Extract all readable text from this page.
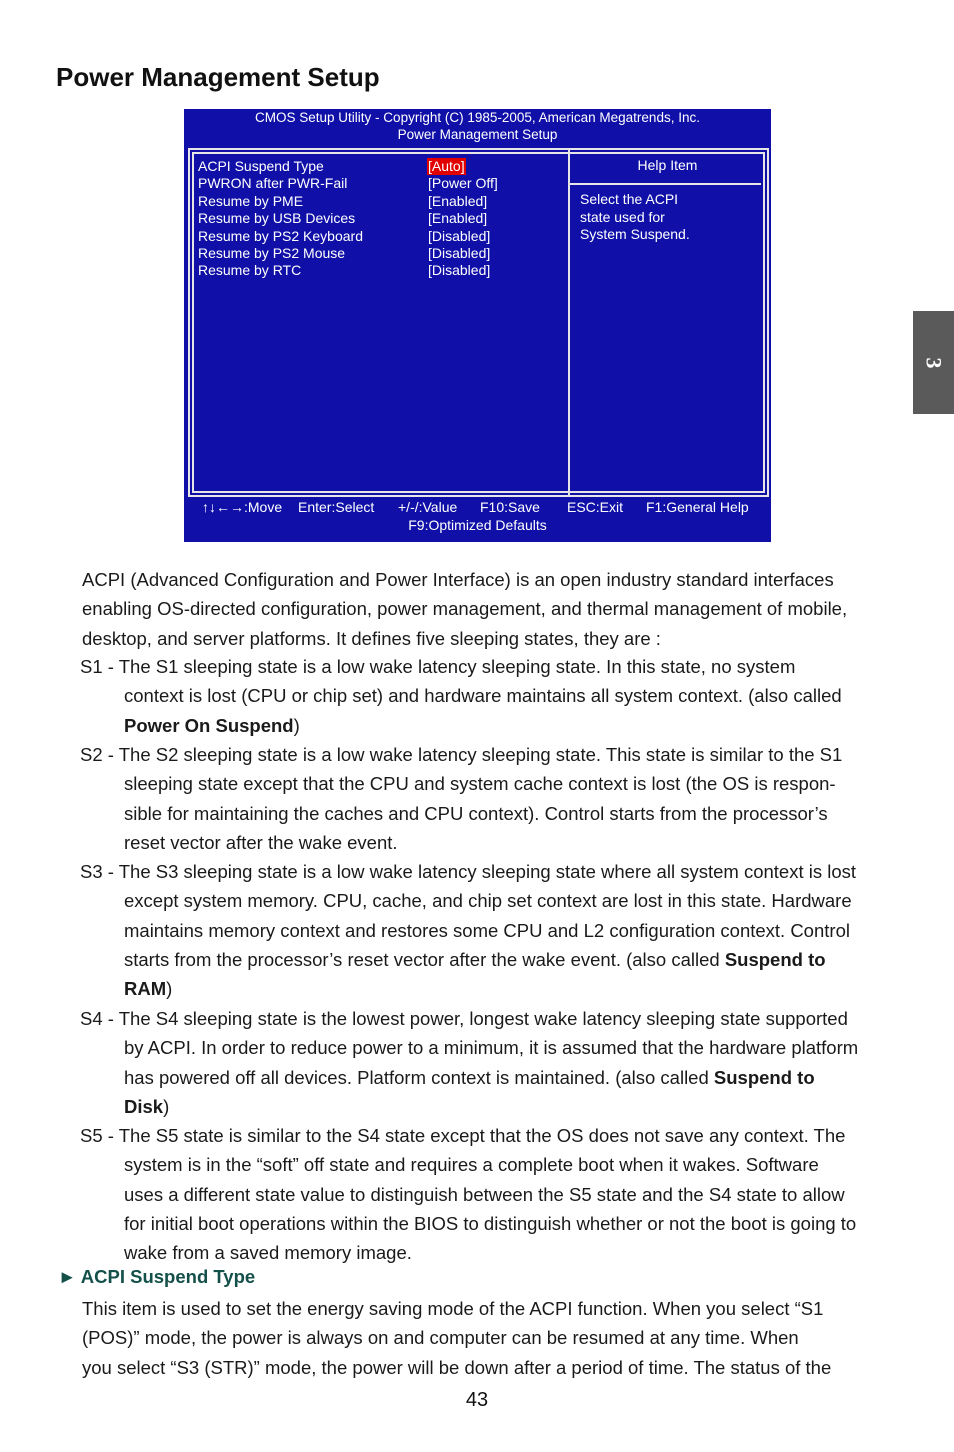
Power Management Setup
3
CMOS Setup Utility - Copyright (C) 1985-2005, American Megatrends, Inc.
Power Management Setup
ACPI Suspend Type	[Auto]
PWRON after PWR-Fail	[Power Off]
Resume by PME	[Enabled]
Resume by USB Devices	[Enabled]
Resume by PS2 Keyboard	[Disabled]
Resume by PS2 Mouse	[Disabled]
Resume by RTC	[Disabled]
Help Item
Select the ACPI
state used for
System Suspend.
↑↓←→:Move Enter:Select +/-/:Value F10:Save ESC:Exit F1:General Help
F9:Optimized Defaults
ACPI (Advanced Configuration and Power Interface) is an open industry standard interfaces
enabling OS-directed configuration, power management, and thermal management of mobile,
desktop, and server platforms. It defines five sleeping states, they are :
S1 - The S1 sleeping state is a low wake latency sleeping state. In this state, no system
context is lost (CPU or chip set) and hardware maintains all system context. (also called
Power On Suspend)
S2 - The S2 sleeping state is a low wake latency sleeping state. This state is similar to the S1
sleeping state except that the CPU and system cache context is lost (the OS is respon-
sible for maintaining the caches and CPU context). Control starts from the processor’s
reset vector after the wake event.
S3 - The S3 sleeping state is a low wake latency sleeping state where all system context is lost
except system memory. CPU, cache, and chip set context are lost in this state. Hardware
maintains memory context and restores some CPU and L2 configuration context. Control
starts from the processor’s reset vector after the wake event. (also called Suspend to
RAM)
S4 - The S4 sleeping state is the lowest power, longest wake latency sleeping state supported
by ACPI. In order to reduce power to a minimum, it is assumed that the hardware platform
has powered off all devices. Platform context is maintained. (also called Suspend to
Disk)
S5 - The S5 state is similar to the S4 state except that the OS does not save any context. The
system is in the “soft” off state and requires a complete boot when it wakes. Software
uses a different state value to distinguish between the S5 state and the S4 state to allow
for initial boot operations within the BIOS to distinguish whether or not the boot is going to
wake from a saved memory image.
► ACPI Suspend Type
This item is used to set the energy saving mode of the ACPI function. When you select “S1
(POS)” mode, the power is always on and computer can be resumed at any time. When
you select “S3 (STR)” mode, the power will be down after a period of time. The status of the
43
